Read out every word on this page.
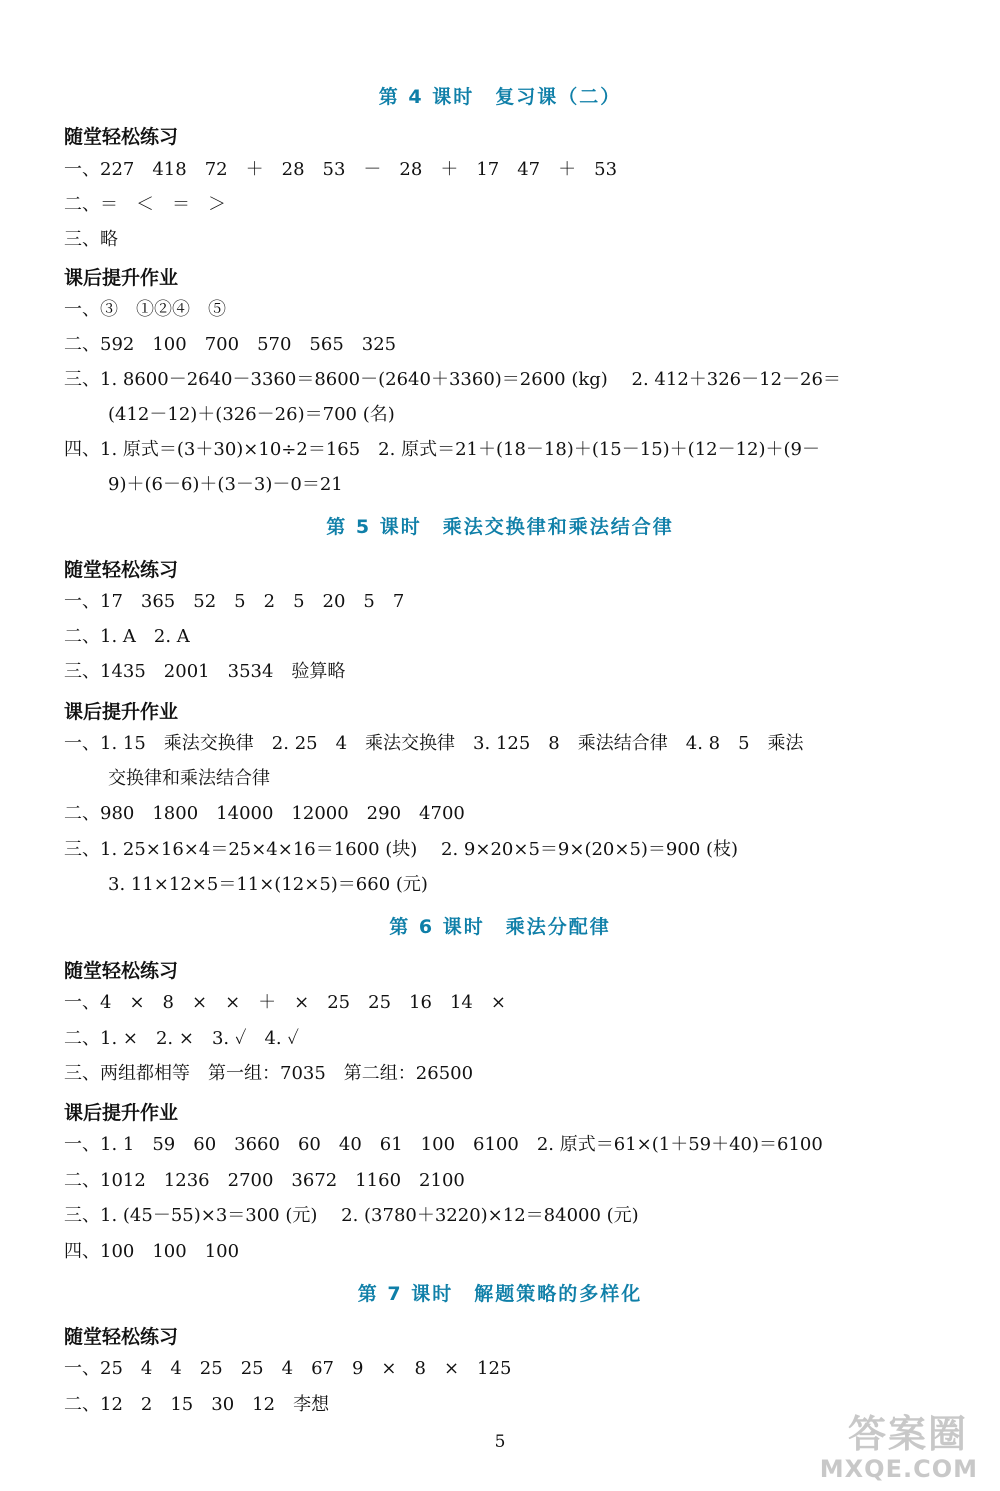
第 4 课时　复习课（二）
随堂轻松练习
一、227　418　72　＋　28　53　－　28　＋　17　47　＋　53
二、＝　＜　＝　＞
三、略
课后提升作业
一、③　①②④　⑤
二、592　100　700　570　565　325
三、1. 8600－2640－3360＝8600－(2640＋3360)＝2600 (kg)　 2. 412＋326－12－26＝
(412－12)＋(326－26)＝700 (名)
四、1. 原式＝(3＋30)×10÷2＝165　2. 原式＝21＋(18－18)＋(15－15)＋(12－12)＋(9－
9)＋(6－6)＋(3－3)－0＝21
第 5 课时　乘法交换律和乘法结合律
随堂轻松练习
一、17　365　52　5　2　5　20　5　7
二、1. A　2. A
三、1435　2001　3534　验算略
课后提升作业
一、1. 15　乘法交换律　2. 25　4　乘法交换律　3. 125　8　乘法结合律　4. 8　5　乘法
交换律和乘法结合律
二、980　1800　14000　12000　290　4700
三、1. 25×16×4＝25×4×16＝1600 (块)　 2. 9×20×5＝9×(20×5)＝900 (枝)
3. 11×12×5＝11×(12×5)＝660 (元)
第 6 课时　乘法分配律
随堂轻松练习
一、4　×　8　×　×　＋　×　25　25　16　14　×
二、1. ×　2. ×　3. ✓　4. ✓
三、两组都相等　第一组：7035　第二组：26500
课后提升作业
一、1. 1　59　60　3660　60　40　61　100　6100　2. 原式＝61×(1＋59＋40)＝6100
二、1012　1236　2700　3672　1160　2100
三、1. (45－55)×3＝300 (元)　 2. (3780＋3220)×12＝84000 (元)
四、100　100　100
第 7 课时　解题策略的多样化
随堂轻松练习
一、25　4　4　25　25　4　67　9　×　8　×　125
二、12　2　15　30　12　李想
5	答案圈
MXQE.COM
